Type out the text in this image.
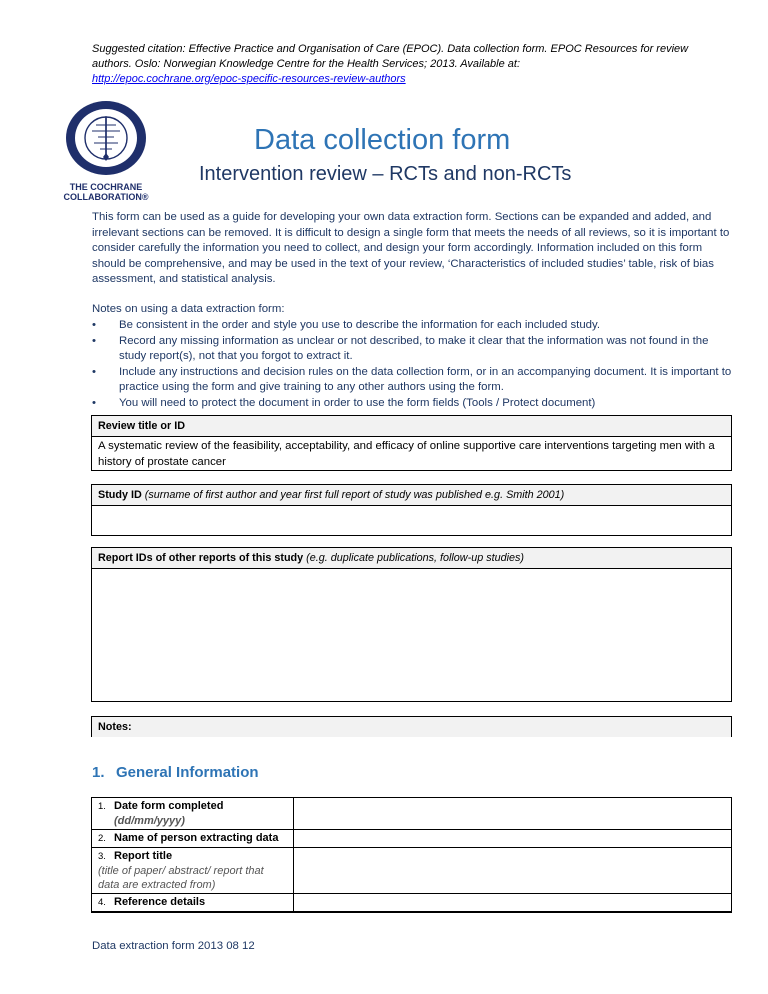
Suggested citation: Effective Practice and Organisation of Care (EPOC). Data collection form. EPOC Resources for review authors. Oslo: Norwegian Knowledge Centre for the Health Services; 2013. Available at:
http://epoc.cochrane.org/epoc-specific-resources-review-authors
THE COCHRANE
COLLABORATION®
Data collection form
Intervention review – RCTs and non-RCTs
This form can be used as a guide for developing your own data extraction form. Sections can be expanded and added, and irrelevant sections can be removed. It is difficult to design a single form that meets the needs of all reviews, so it is important to consider carefully the information you need to collect, and design your form accordingly. Information included on this form should be comprehensive, and may be used in the text of your review, ‘Characteristics of included studies’ table, risk of bias assessment, and statistical analysis.
Notes on using a data extraction form:
• Be consistent in the order and style you use to describe the information for each included study.
• Record any missing information as unclear or not described, to make it clear that the information was not found in the study report(s), not that you forgot to extract it.
• Include any instructions and decision rules on the data collection form, or in an accompanying document. It is important to practice using the form and give training to any other authors using the form.
• You will need to protect the document in order to use the form fields (Tools / Protect document)
Review title or ID
A systematic review of the feasibility, acceptability, and efficacy of online supportive care interventions targeting men with a history of prostate cancer
Study ID (surname of first author and year first full report of study was published e.g. Smith 2001)
Report IDs of other reports of this study (e.g. duplicate publications, follow-up studies)
Notes:
1. General Information
1. Date form completed
(dd/mm/yyyy)	
2. Name of person extracting data	
3. Report title
(title of paper/ abstract/ report that data are extracted from)	
4. Reference details	
Data extraction form 2013 08 12
